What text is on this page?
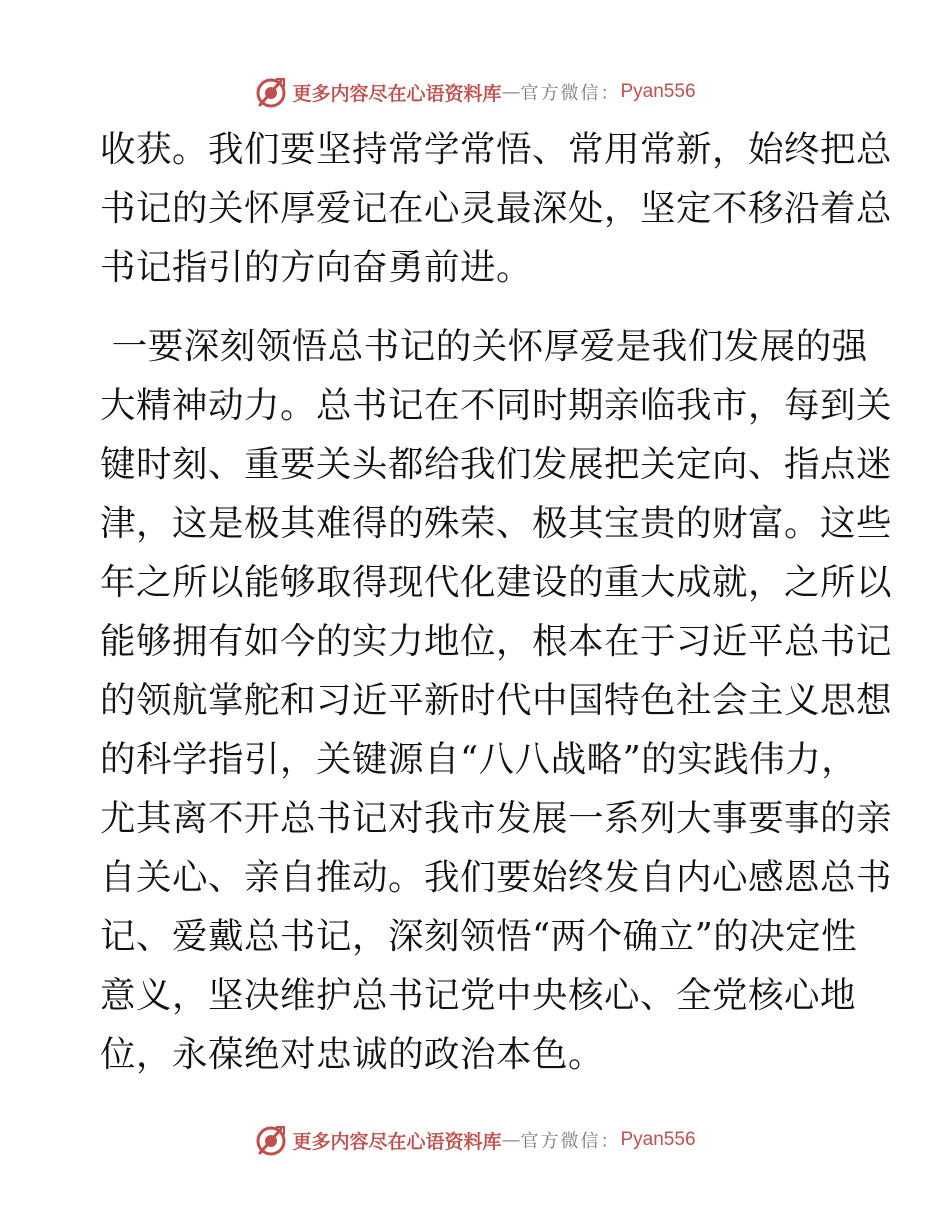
更多内容尽在心语资料库 — 官方微信： Pyan556

收获。我们要坚持常学常悟、常用常新，始终把总
书记的关怀厚爱记在心灵最深处，坚定不移沿着总
书记指引的方向奋勇前进。

一要深刻领悟总书记的关怀厚爱是我们发展的强
大精神动力。总书记在不同时期亲临我市，每到关
键时刻、重要关头都给我们发展把关定向、指点迷
津，这是极其难得的殊荣、极其宝贵的财富。这些
年之所以能够取得现代化建设的重大成就，之所以
能够拥有如今的实力地位，根本在于习近平总书记
的领航掌舵和习近平新时代中国特色社会主义思想
的科学指引，关键源自“八八战略”的实践伟力，
尤其离不开总书记对我市发展一系列大事要事的亲
自关心、亲自推动。我们要始终发自内心感恩总书
记、爱戴总书记，深刻领悟“两个确立”的决定性
意义，坚决维护总书记党中央核心、全党核心地
位，永葆绝对忠诚的政治本色。

更多内容尽在心语资料库 — 官方微信： Pyan556
